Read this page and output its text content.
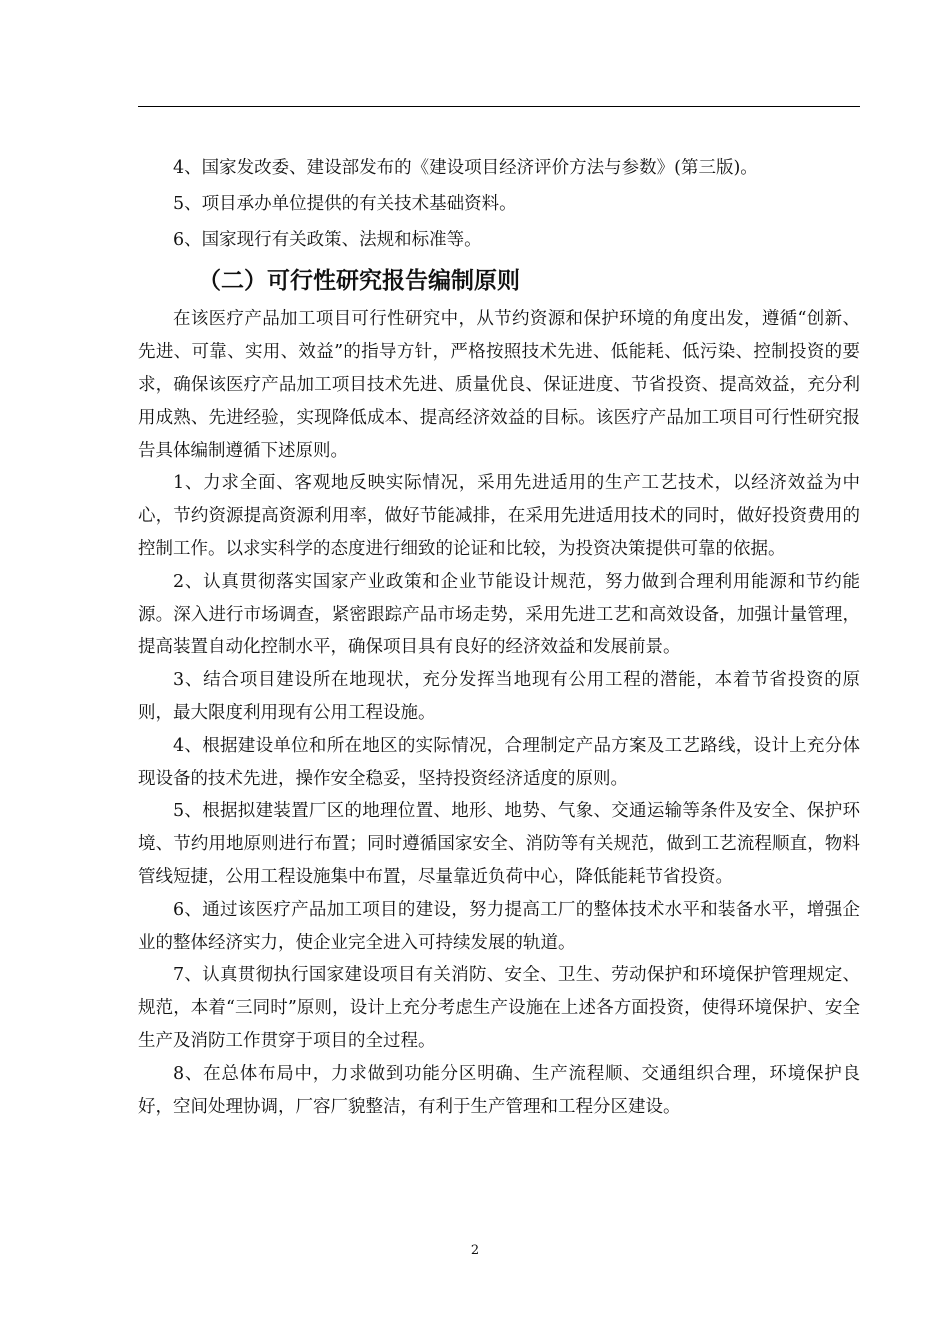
4、国家发改委、建设部发布的《建设项目经济评价方法与参数》(第三版)。

5、项目承办单位提供的有关技术基础资料。

6、国家现行有关政策、法规和标准等。

（二）可行性研究报告编制原则

在该医疗产品加工项目可行性研究中，从节约资源和保护环境的角度出发，遵循“创新、先进、可靠、实用、效益”的指导方针，严格按照技术先进、低能耗、低污染、控制投资的要求，确保该医疗产品加工项目技术先进、质量优良、保证进度、节省投资、提高效益，充分利用成熟、先进经验，实现降低成本、提高经济效益的目标。该医疗产品加工项目可行性研究报告具体编制遵循下述原则。

1、力求全面、客观地反映实际情况，采用先进适用的生产工艺技术，以经济效益为中心，节约资源提高资源利用率，做好节能减排，在采用先进适用技术的同时，做好投资费用的控制工作。以求实科学的态度进行细致的论证和比较，为投资决策提供可靠的依据。

2、认真贯彻落实国家产业政策和企业节能设计规范，努力做到合理利用能源和节约能源。深入进行市场调查，紧密跟踪产品市场走势，采用先进工艺和高效设备，加强计量管理，提高装置自动化控制水平，确保项目具有良好的经济效益和发展前景。

3、结合项目建设所在地现状，充分发挥当地现有公用工程的潜能，本着节省投资的原则，最大限度利用现有公用工程设施。

4、根据建设单位和所在地区的实际情况，合理制定产品方案及工艺路线，设计上充分体现设备的技术先进，操作安全稳妥，坚持投资经济适度的原则。

5、根据拟建装置厂区的地理位置、地形、地势、气象、交通运输等条件及安全、保护环境、节约用地原则进行布置；同时遵循国家安全、消防等有关规范，做到工艺流程顺直，物料管线短捷，公用工程设施集中布置，尽量靠近负荷中心，降低能耗节省投资。

6、通过该医疗产品加工项目的建设，努力提高工厂的整体技术水平和装备水平，增强企业的整体经济实力，使企业完全进入可持续发展的轨道。

7、认真贯彻执行国家建设项目有关消防、安全、卫生、劳动保护和环境保护管理规定、规范，本着“三同时”原则，设计上充分考虑生产设施在上述各方面投资，使得环境保护、安全生产及消防工作贯穿于项目的全过程。

8、在总体布局中，力求做到功能分区明确、生产流程顺、交通组织合理，环境保护良好，空间处理协调，厂容厂貌整洁，有利于生产管理和工程分区建设。

2
